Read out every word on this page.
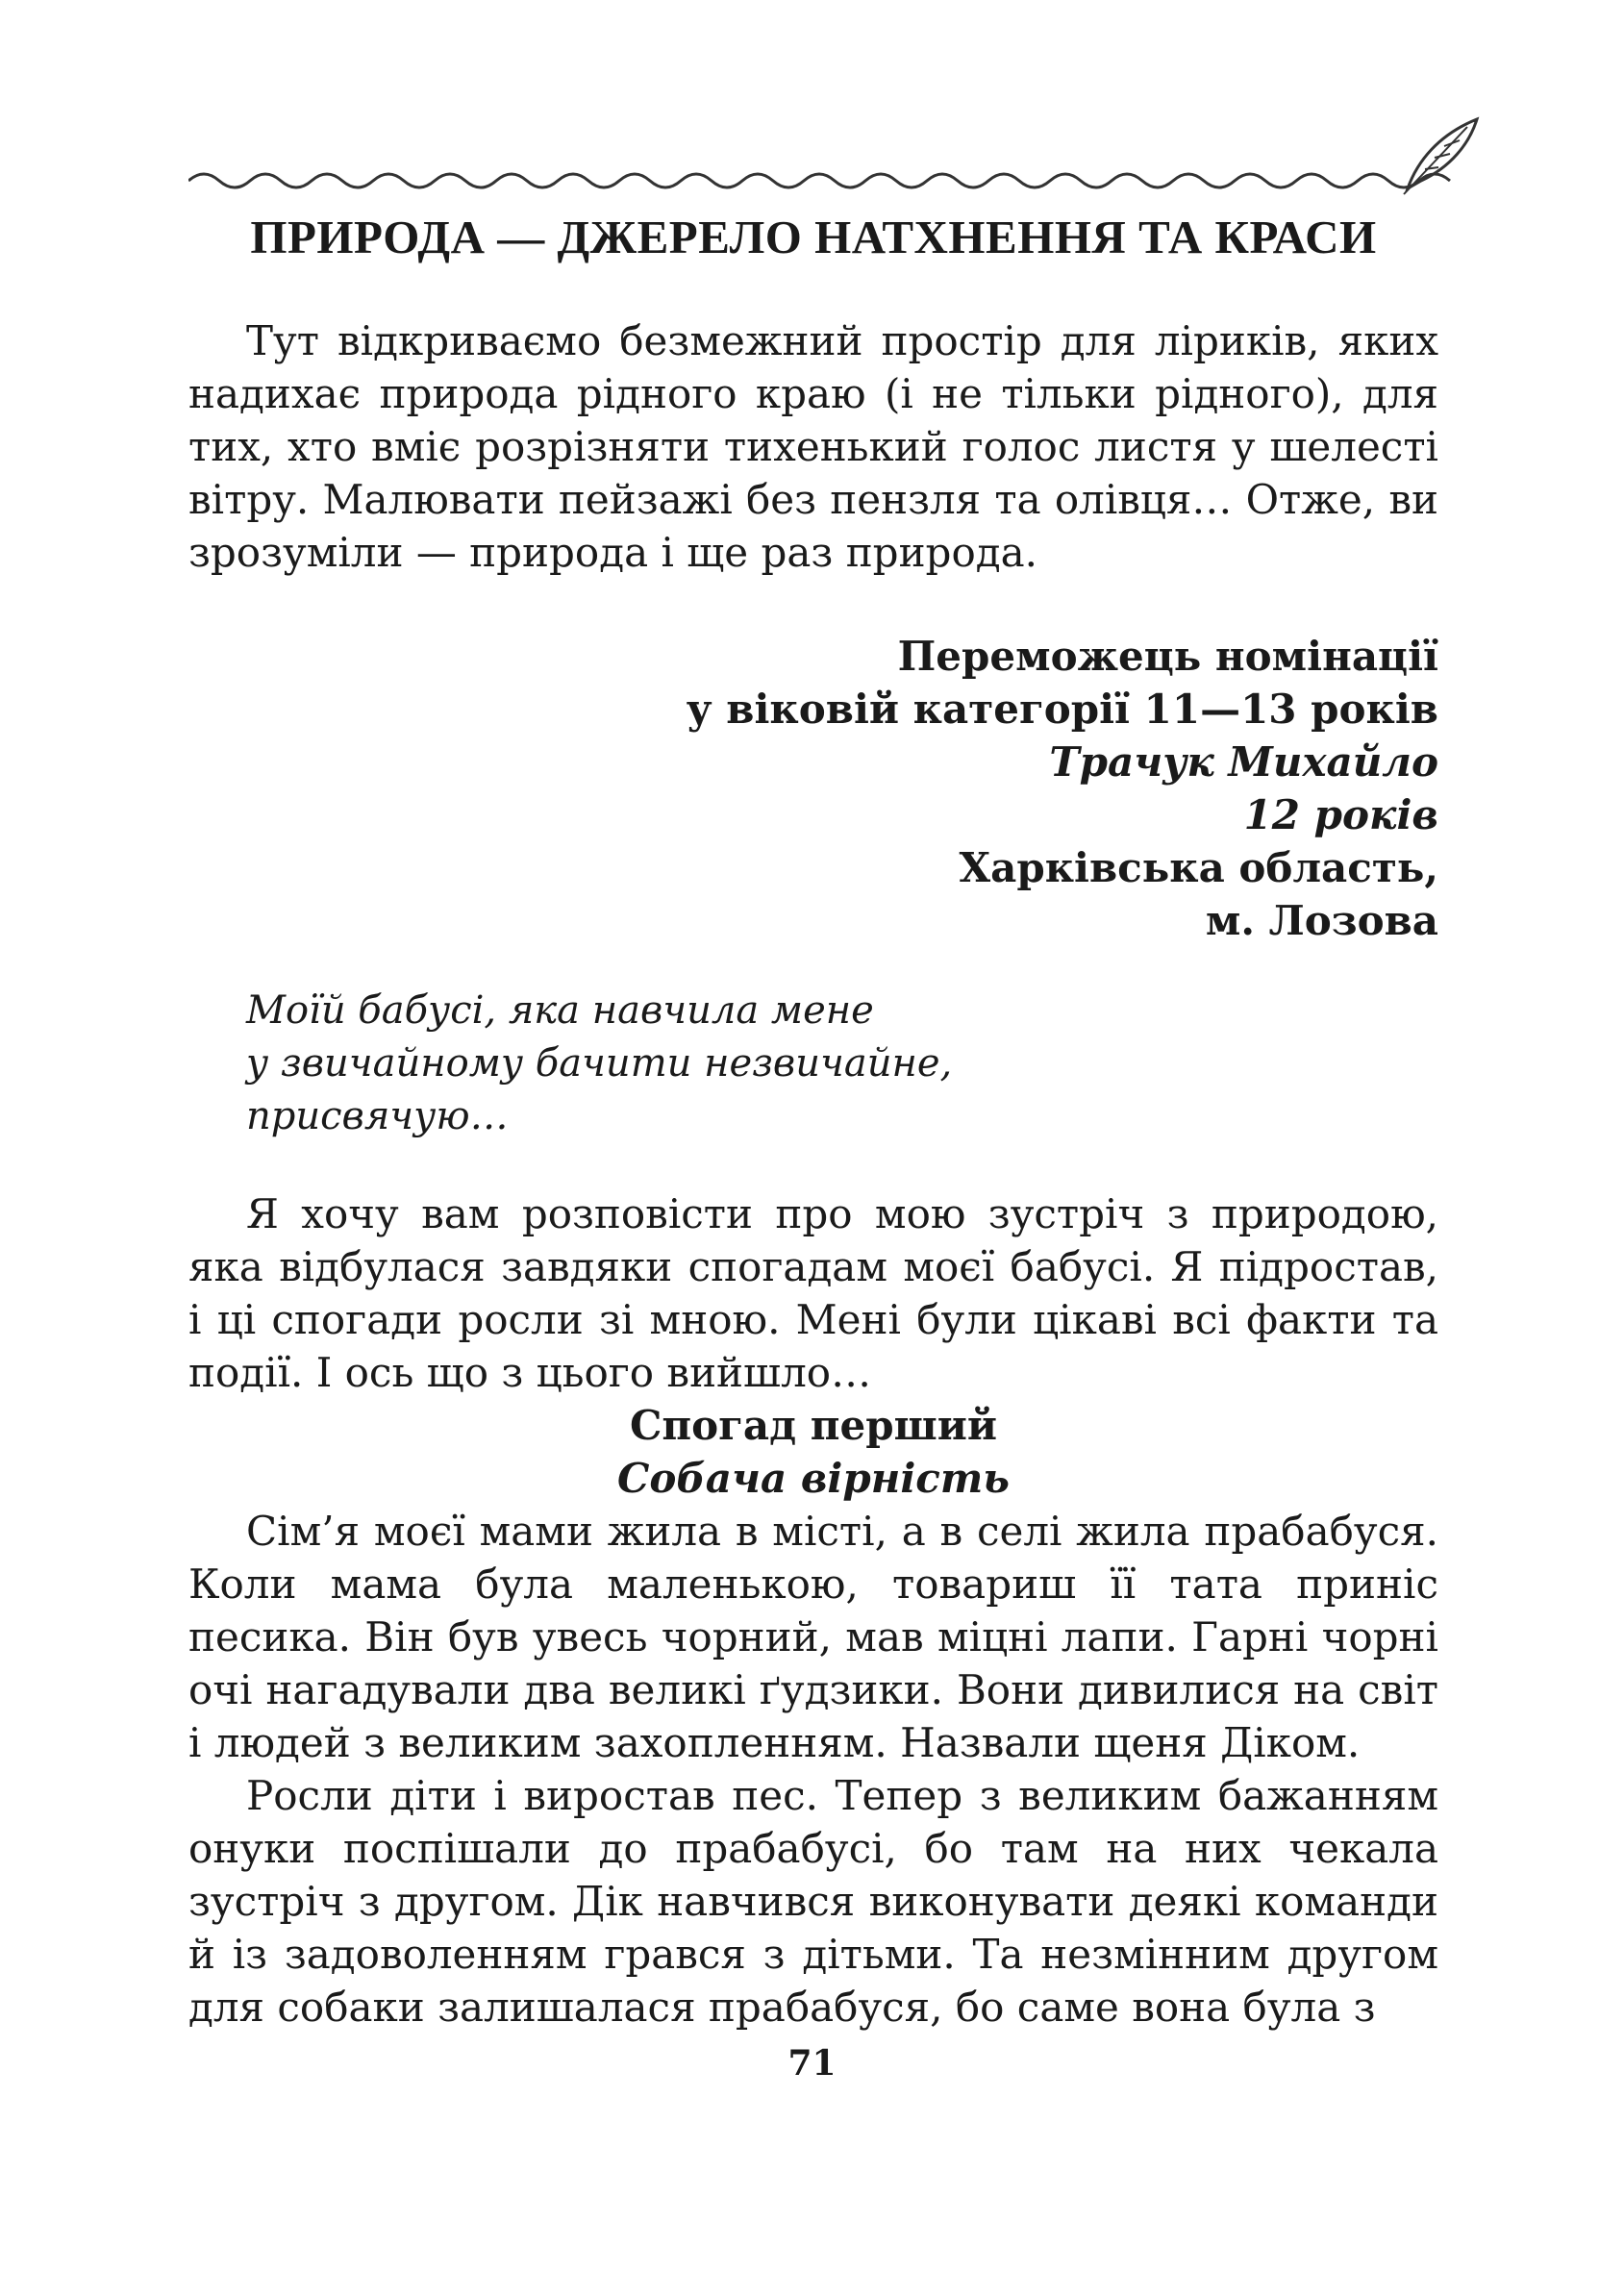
ПРИРОДА — ДЖЕРЕЛО НАТХНЕННЯ ТА КРАСИ

Тут відкриваємо безмежний простір для ліриків, яких надихає природа рідного краю (і не тільки рідного), для тих, хто вміє розрізняти тихенький голос листя у шелесті вітру. Малювати пейзажі без пензля та олівця… Отже, ви зрозуміли — природа і ще раз природа.

Переможець номінації
у віковій категорії 11—13 років
Трачук Михайло
12 років
Харківська область,
м. Лозова
Моїй бабусі, яка навчила мене
у звичайному бачити незвичайне,
присвячую…

Я хочу вам розповісти про мою зустріч з природою, яка відбулася завдяки спогадам моєї бабусі. Я підростав, і ці спогади росли зі мною. Мені були цікаві всі факти та події. І ось що з цього вийшло…

Спогад перший
Собача вірність

Сім’я моєї мами жила в місті, а в селі жила прабабуся. Коли мама була маленькою, товариш її тата приніс песика. Він був увесь чорний, мав міцні лапи. Гарні чорні очі нагадували два великі ґудзики. Вони дивилися на світ і людей з великим захопленням. Назвали щеня Діком.

Росли діти і виростав пес. Тепер з великим бажанням онуки поспішали до прабабусі, бо там на них чекала зустріч з другом. Дік навчився виконувати деякі команди й із задоволенням грався з дітьми. Та незмінним другом для собаки залишалася прабабуся, бо саме вона була з

71
